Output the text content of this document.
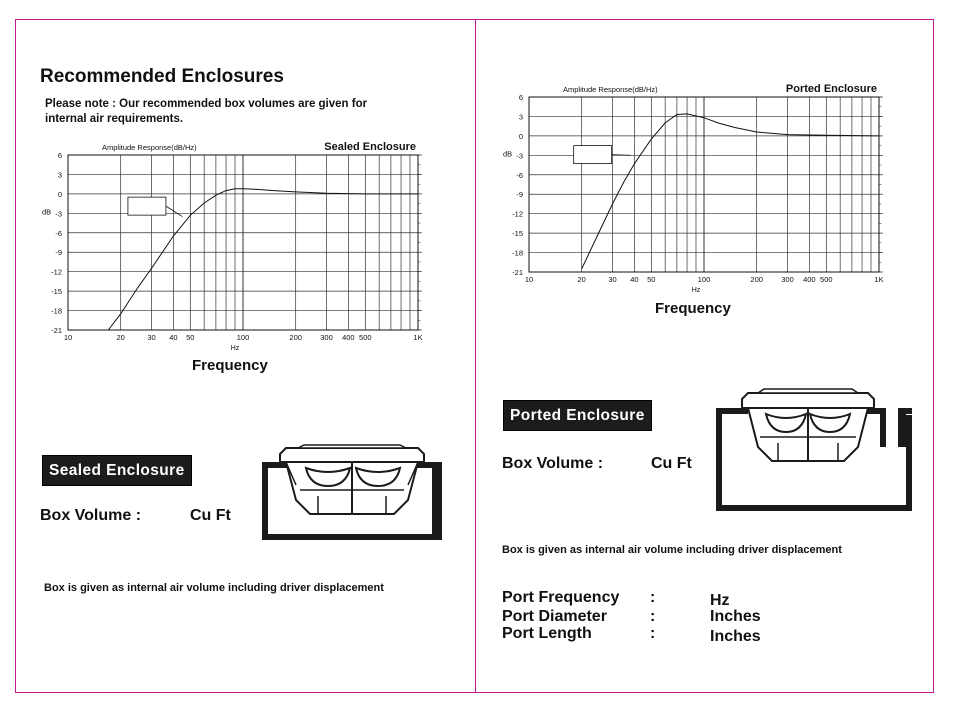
Recommended Enclosures
Please note : Our recommended box volumes are given for internal air requirements.
6
3
0
-3
-6
-9
-12
-15
-18
-21
10	20	30 40 50	100	200 300 400 500	1K
Hz
dB
Amplitude Response(dB/Hz)	Sealed Enclosure
Frequency
Sealed Enclosure
Box Volume :	Cu Ft
Box is given as internal air volume including driver displacement
6
3
0
-3
-6
-9
-12
-15
-18
-21
10	20	30 40 50	100	200 300 400 500	1K
Hz
dB
Amplitude Response(dB/Hz)	Ported Enclosure
Frequency
Ported Enclosure
Box Volume :	Cu Ft
Box is given as internal air volume including driver displacement
Port Frequency :	Hz
Port Diameter	:	Inches
Port Length	:	Inches
